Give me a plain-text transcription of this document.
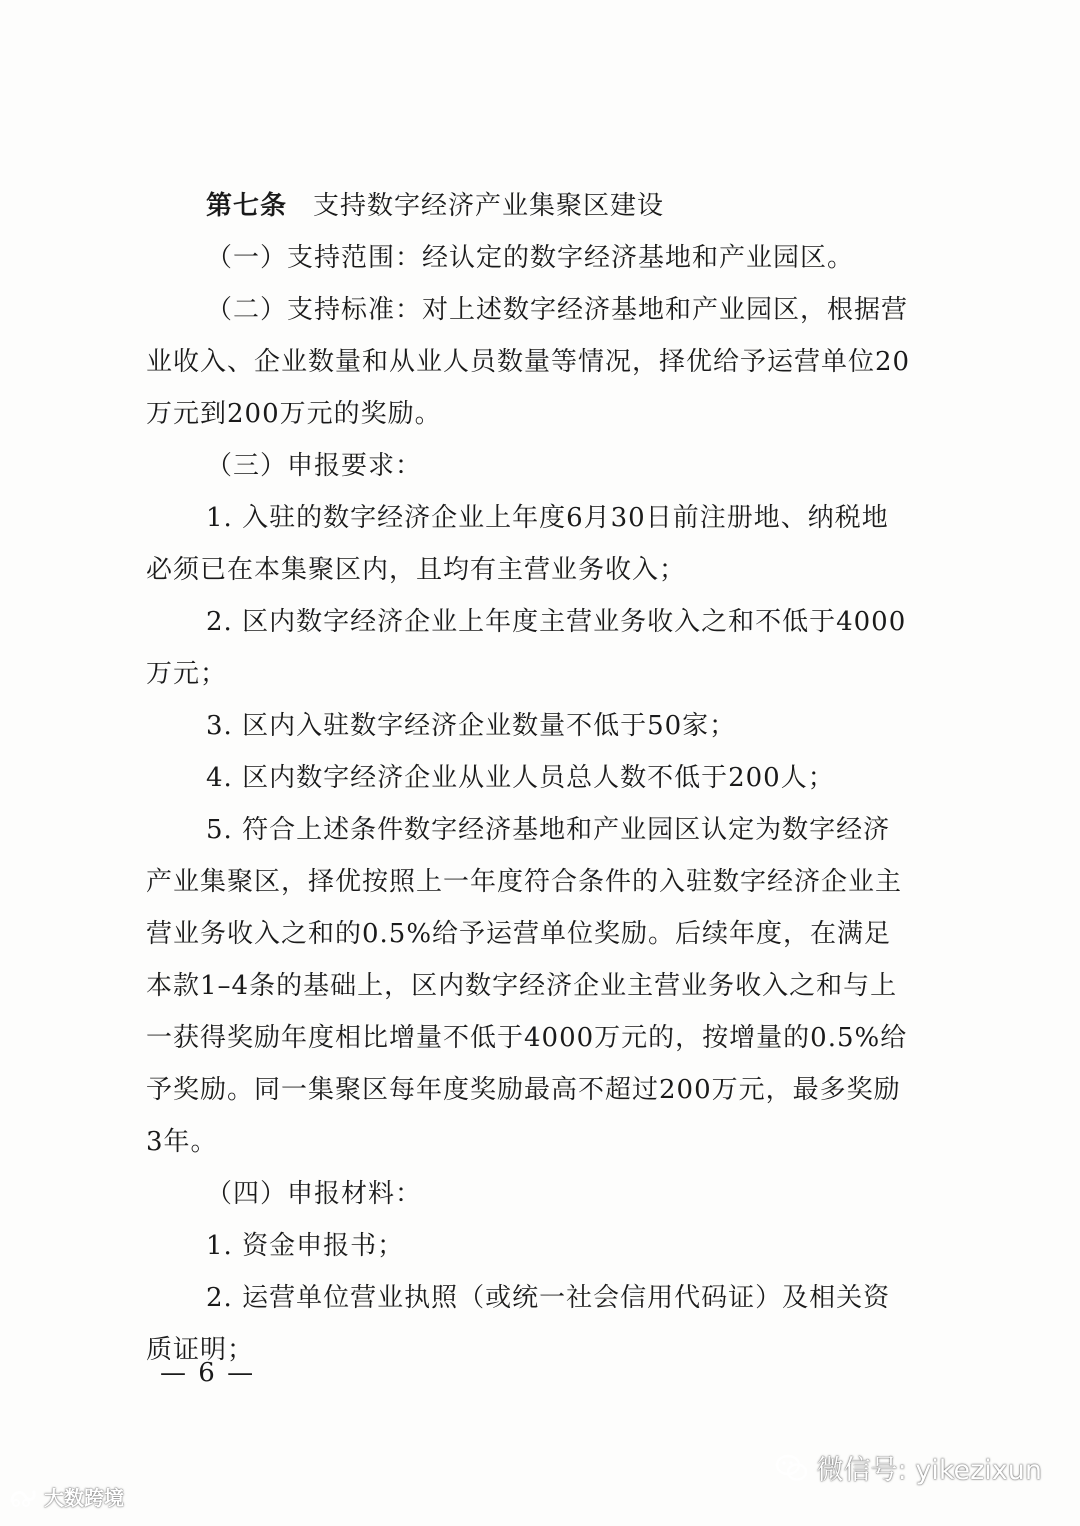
第七条 支持数字经济产业集聚区建设

（一）支持范围：经认定的数字经济基地和产业园区。

（二）支持标准：对上述数字经济基地和产业园区，根据营
业收入、企业数量和从业人员数量等情况，择优给予运营单位20
万元到200万元的奖励。

（三）申报要求：

1. 入驻的数字经济企业上年度6月30日前注册地、纳税地
必须已在本集聚区内，且均有主营业务收入；

2. 区内数字经济企业上年度主营业务收入之和不低于4000
万元；

3. 区内入驻数字经济企业数量不低于50家；

4. 区内数字经济企业从业人员总人数不低于200人；

5. 符合上述条件数字经济基地和产业园区认定为数字经济
产业集聚区，择优按照上一年度符合条件的入驻数字经济企业主
营业务收入之和的0.5%给予运营单位奖励。后续年度，在满足
本款1–4条的基础上，区内数字经济企业主营业务收入之和与上
一获得奖励年度相比增量不低于4000万元的，按增量的0.5%给
予奖励。同一集聚区每年度奖励最高不超过200万元，最多奖励
3年。

（四）申报材料：

1. 资金申报书；

2. 运营单位营业执照（或统一社会信用代码证）及相关资
质证明；

— 6 —
大数跨境
微信号: yikezixun
